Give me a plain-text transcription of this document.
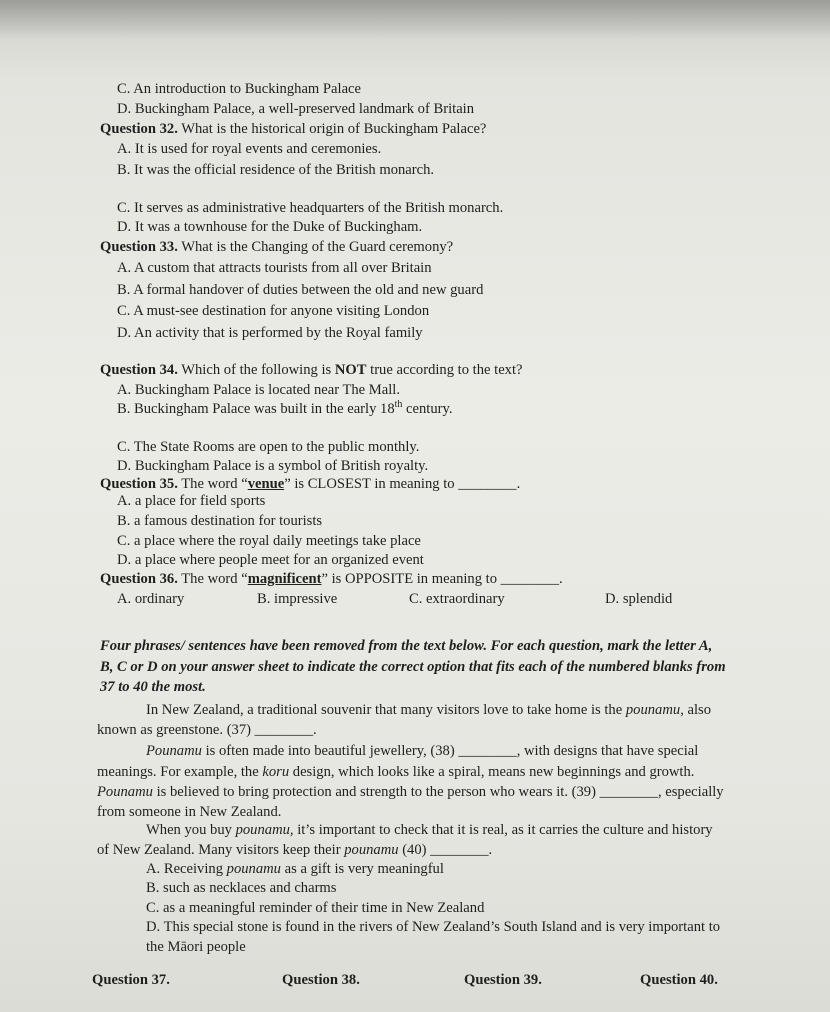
C. An introduction to Buckingham Palace
D. Buckingham Palace, a well-preserved landmark of Britain
Question 32. What is the historical origin of Buckingham Palace?
A. It is used for royal events and ceremonies.
B. It was the official residence of the British monarch.
C. It serves as administrative headquarters of the British monarch.
D. It was a townhouse for the Duke of Buckingham.
Question 33. What is the Changing of the Guard ceremony?
A. A custom that attracts tourists from all over Britain
B. A formal handover of duties between the old and new guard
C. A must-see destination for anyone visiting London
D. An activity that is performed by the Royal family
Question 34. Which of the following is NOT true according to the text?
A. Buckingham Palace is located near The Mall.
B. Buckingham Palace was built in the early 18th century.
C. The State Rooms are open to the public monthly.
D. Buckingham Palace is a symbol of British royalty.
Question 35. The word “venue” is CLOSEST in meaning to ________.
A. a place for field sports
B. a famous destination for tourists
C. a place where the royal daily meetings take place
D. a place where people meet for an organized event
Question 36. The word “magnificent” is OPPOSITE in meaning to ________.
A. ordinary	B. impressive	C. extraordinary	D. splendid
Four phrases/ sentences have been removed from the text below. For each question, mark the letter A,
B, C or D on your answer sheet to indicate the correct option that fits each of the numbered blanks from
37 to 40 the most.
In New Zealand, a traditional souvenir that many visitors love to take home is the pounamu, also
known as greenstone. (37) ________.
Pounamu is often made into beautiful jewellery, (38) ________, with designs that have special
meanings. For example, the koru design, which looks like a spiral, means new beginnings and growth.
Pounamu is believed to bring protection and strength to the person who wears it. (39) ________, especially
from someone in New Zealand.
When you buy pounamu, it’s important to check that it is real, as it carries the culture and history
of New Zealand. Many visitors keep their pounamu (40) ________.
A. Receiving pounamu as a gift is very meaningful
B. such as necklaces and charms
C. as a meaningful reminder of their time in New Zealand
D. This special stone is found in the rivers of New Zealand’s South Island and is very important to
the Māori people
Question 37.	Question 38.	Question 39.	Question 40.
